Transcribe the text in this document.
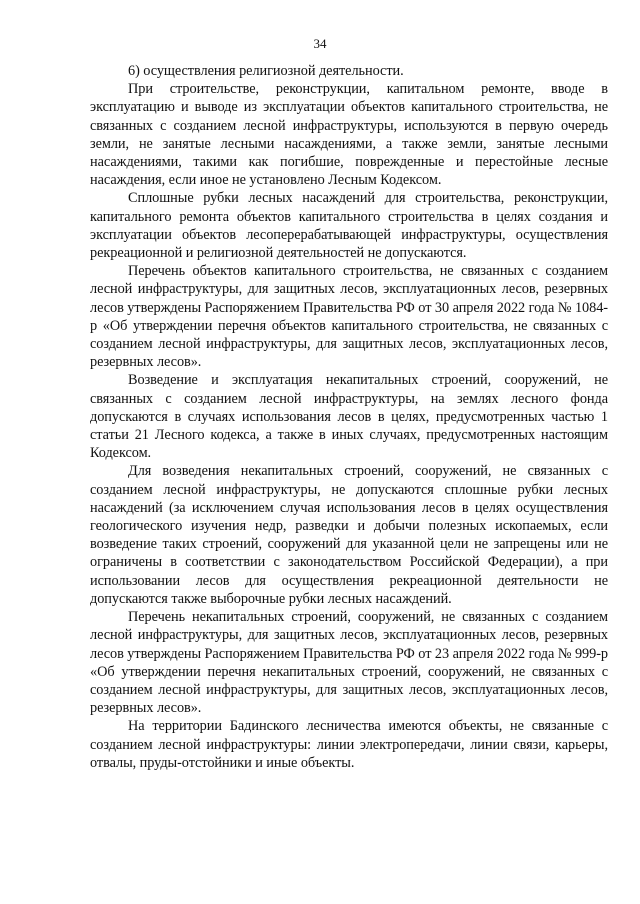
34

6) осуществления религиозной деятельности.

При строительстве, реконструкции, капитальном ремонте, вводе в эксплуатацию и выводе из эксплуатации объектов капитального строительства, не связанных с созданием лесной инфраструктуры, используются в первую очередь земли, не занятые лесными насаждениями, а также земли, занятые лесными насаждениями, такими как погибшие, поврежденные и перестойные лесные насаждения, если иное не установлено Лесным Кодексом.

Сплошные рубки лесных насаждений для строительства, реконструкции, капитального ремонта объектов капитального строительства в целях создания и эксплуатации объектов лесоперерабатывающей инфраструктуры, осуществления рекреационной и религиозной деятельностей не допускаются.

Перечень объектов капитального строительства, не связанных с созданием лесной инфраструктуры, для защитных лесов, эксплуатационных лесов, резервных лесов утверждены Распоряжением Правительства РФ от 30 апреля 2022 года № 1084-р «Об утверждении перечня объектов капитального строительства, не связанных с созданием лесной инфраструктуры, для защитных лесов, эксплуатационных лесов, резервных лесов».

Возведение и эксплуатация некапитальных строений, сооружений, не связанных с созданием лесной инфраструктуры, на землях лесного фонда допускаются в случаях использования лесов в целях, предусмотренных частью 1 статьи 21 Лесного кодекса, а также в иных случаях, предусмотренных настоящим Кодексом.

Для возведения некапитальных строений, сооружений, не связанных с созданием лесной инфраструктуры, не допускаются сплошные рубки лесных насаждений (за исключением случая использования лесов в целях осуществления геологического изучения недр, разведки и добычи полезных ископаемых, если возведение таких строений, сооружений для указанной цели не запрещены или не ограничены в соответствии с законодательством Российской Федерации), а при использовании лесов для осуществления рекреационной деятельности не допускаются также выборочные рубки лесных насаждений.

Перечень некапитальных строений, сооружений, не связанных с созданием лесной инфраструктуры, для защитных лесов, эксплуатационных лесов, резервных лесов утверждены Распоряжением Правительства РФ от 23 апреля 2022 года № 999-р «Об утверждении перечня некапитальных строений, сооружений, не связанных с созданием лесной инфраструктуры, для защитных лесов, эксплуатационных лесов, резервных лесов».

На территории Бадинского лесничества имеются объекты, не связанные с созданием лесной инфраструктуры: линии электропередачи, линии связи, карьеры, отвалы, пруды-отстойники и иные объекты.
